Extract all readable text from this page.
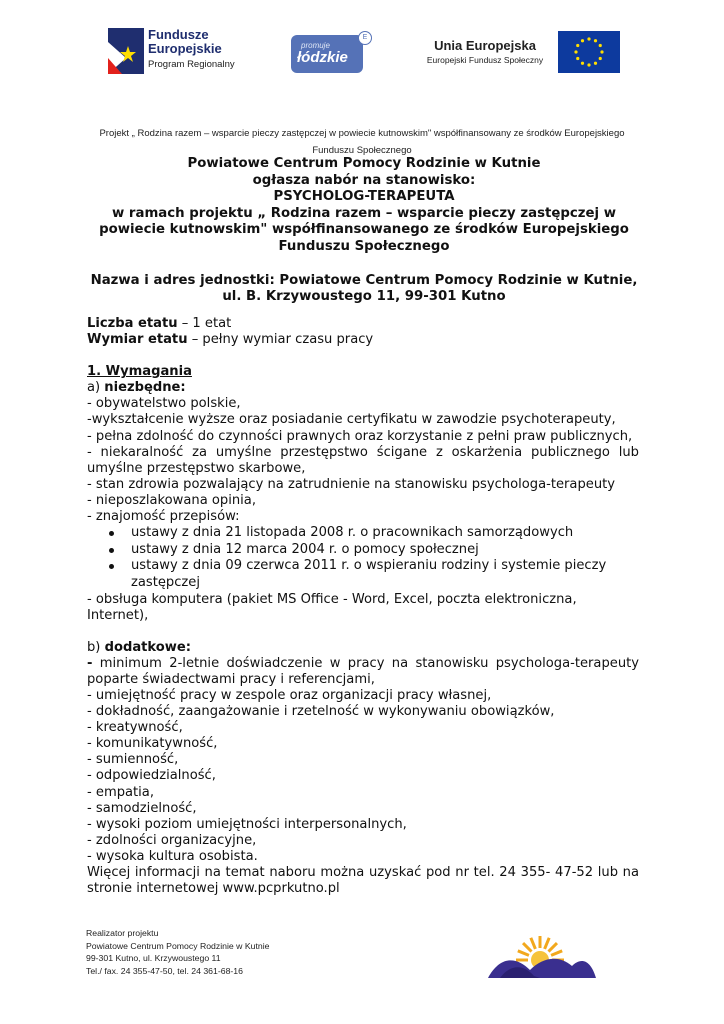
Fundusze
Europejskie
Program Regionalny
promuje
łódzkie
E
Unia Europejska
Europejski Fundusz Społeczny
Projekt „ Rodzina razem – wsparcie pieczy zastępczej w powiecie kutnowskim" współfinansowany ze środków Europejskiego Funduszu Społecznego

Powiatowe Centrum Pomocy Rodzinie w Kutnie

ogłasza nabór na stanowisko:

PSYCHOLOG-TERAPEUTA

w ramach projektu „ Rodzina razem – wsparcie pieczy zastępczej w powiecie kutnowskim" współfinansowanego ze środków Europejskiego Funduszu Społecznego

Nazwa i adres jednostki: Powiatowe Centrum Pomocy Rodzinie w Kutnie,

ul. B. Krzywoustego 11, 99-301 Kutno

Liczba etatu – 1 etat

Wymiar etatu – pełny wymiar czasu pracy

1. Wymagania

a) niezbędne:

- obywatelstwo polskie,

-wykształcenie wyższe oraz posiadanie certyfikatu w zawodzie psychoterapeuty,

- pełna zdolność do czynności prawnych oraz korzystanie z pełni praw publicznych,

- niekaralność za umyślne przestępstwo ścigane z oskarżenia publicznego lub umyślne przestępstwo skarbowe,

- stan zdrowia pozwalający na zatrudnienie na stanowisku psychologa-terapeuty

- nieposzlakowana opinia,

- znajomość przepisów:

ustawy z dnia 21 listopada 2008 r. o pracownikach samorządowych
ustawy z dnia 12 marca 2004 r. o pomocy społecznej
ustawy z dnia 09 czerwca 2011 r. o wspieraniu rodziny i systemie pieczy zastępczej

- obsługa komputera (pakiet MS Office - Word, Excel, poczta elektroniczna, Internet),

b) dodatkowe:

- minimum 2-letnie doświadczenie w pracy na stanowisku psychologa-terapeuty poparte świadectwami pracy i referencjami,

- umiejętność pracy w zespole oraz organizacji pracy własnej,

- dokładność, zaangażowanie i rzetelność w wykonywaniu obowiązków,

- kreatywność,

- komunikatywność,

- sumienność,

- odpowiedzialność,

- empatia,

- samodzielność,

- wysoki poziom umiejętności interpersonalnych,

- zdolności organizacyjne,

- wysoka kultura osobista.

Więcej informacji na temat naboru można uzyskać pod nr tel. 24 355- 47-52 lub na stronie internetowej www.pcprkutno.pl

Realizator projektu

Powiatowe Centrum Pomocy Rodzinie w Kutnie

99-301 Kutno, ul. Krzywoustego 11

Tel./ fax. 24 355-47-50, tel. 24 361-68-16
